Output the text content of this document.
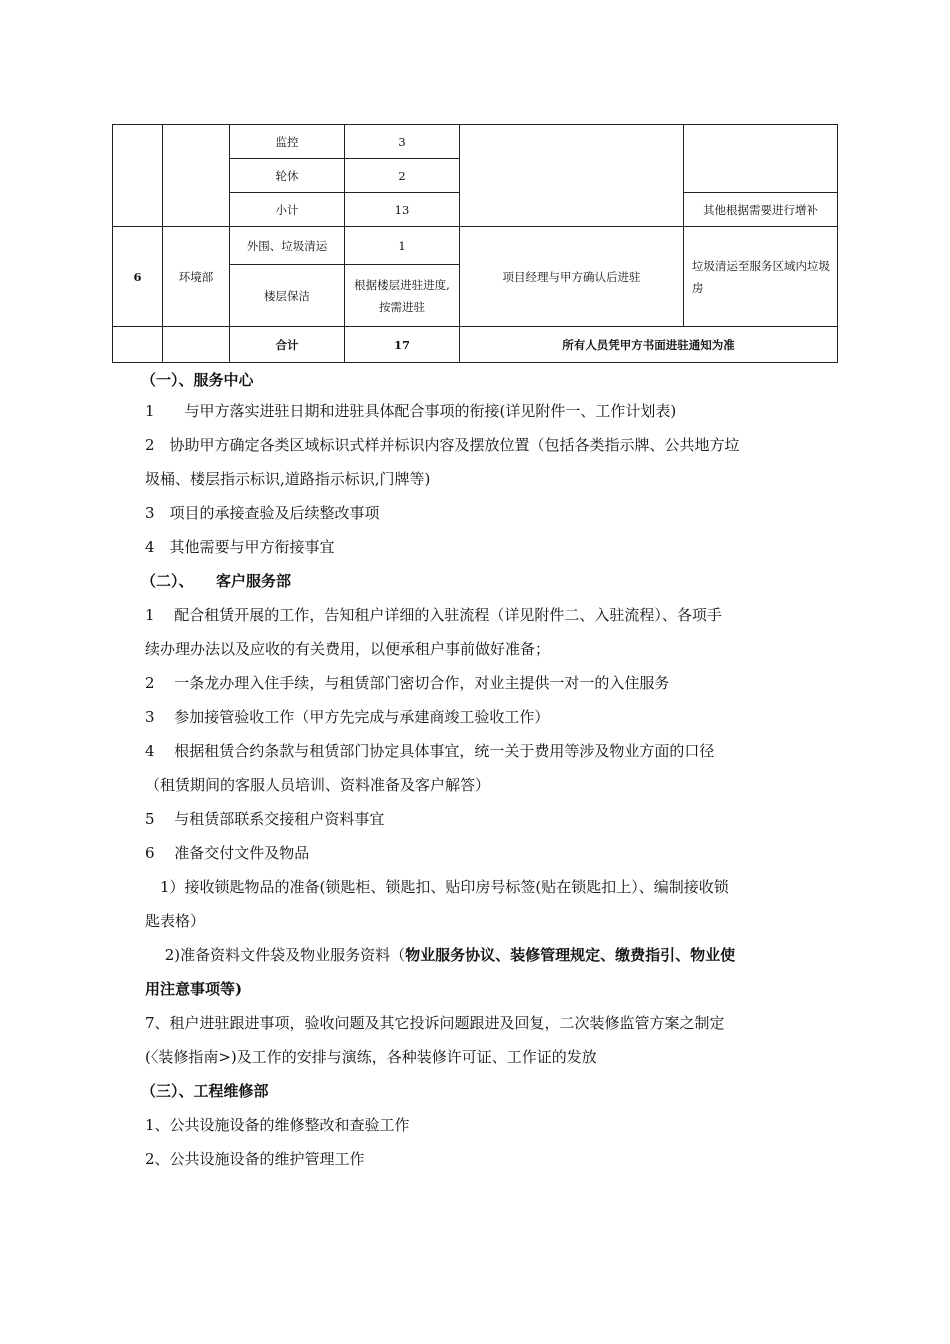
		监控	3		
		轮休	2		
		小计	13		其他根据需要进行增补
6	环境部	外围、垃圾清运	1	项目经理与甲方确认后进驻	垃圾清运至服务区域内垃圾房
		楼层保洁	根据楼层进驻进度, 按需进驻		
		合计	17	所有人员凭甲方书面进驻通知为准	
（一）、服务中心
1　　与甲方落实进驻日期和进驻具体配合事项的衔接(详见附件一、工作计划表)
2　协助甲方确定各类区域标识式样并标识内容及摆放位置（包括各类指示牌、公共地方垃
圾桶、楼层指示标识,道路指示标识,门牌等)
3　项目的承接查验及后续整改事项
4　其他需要与甲方衔接事宜
（二）、　　客户服务部
1　 配合租赁开展的工作，告知租户详细的入驻流程（详见附件二、入驻流程）、各项手
续办理办法以及应收的有关费用，以便承租户事前做好准备；
2　 一条龙办理入住手续，与租赁部门密切合作，对业主提供一对一的入住服务
3　 参加接管验收工作（甲方先完成与承建商竣工验收工作）
4　 根据租赁合约条款与租赁部门协定具体事宜，统一关于费用等涉及物业方面的口径
（租赁期间的客服人员培训、资料准备及客户解答）
5　 与租赁部联系交接租户资料事宜
6　 准备交付文件及物品
　1）接收锁匙物品的准备(锁匙柜、锁匙扣、贴印房号标签(贴在锁匙扣上）、编制接收锁
匙表格）
　 2)准备资料文件袋及物业服务资料（物业服务协议、装修管理规定、缴费指引、物业使
用注意事项等)
7、租户进驻跟进事项，验收问题及其它投诉问题跟进及回复，二次装修监管方案之制定
(〈装修指南>)及工作的安排与演练，各种装修许可证、工作证的发放
（三）、工程维修部
1、公共设施设备的维修整改和查验工作
2、公共设施设备的维护管理工作
